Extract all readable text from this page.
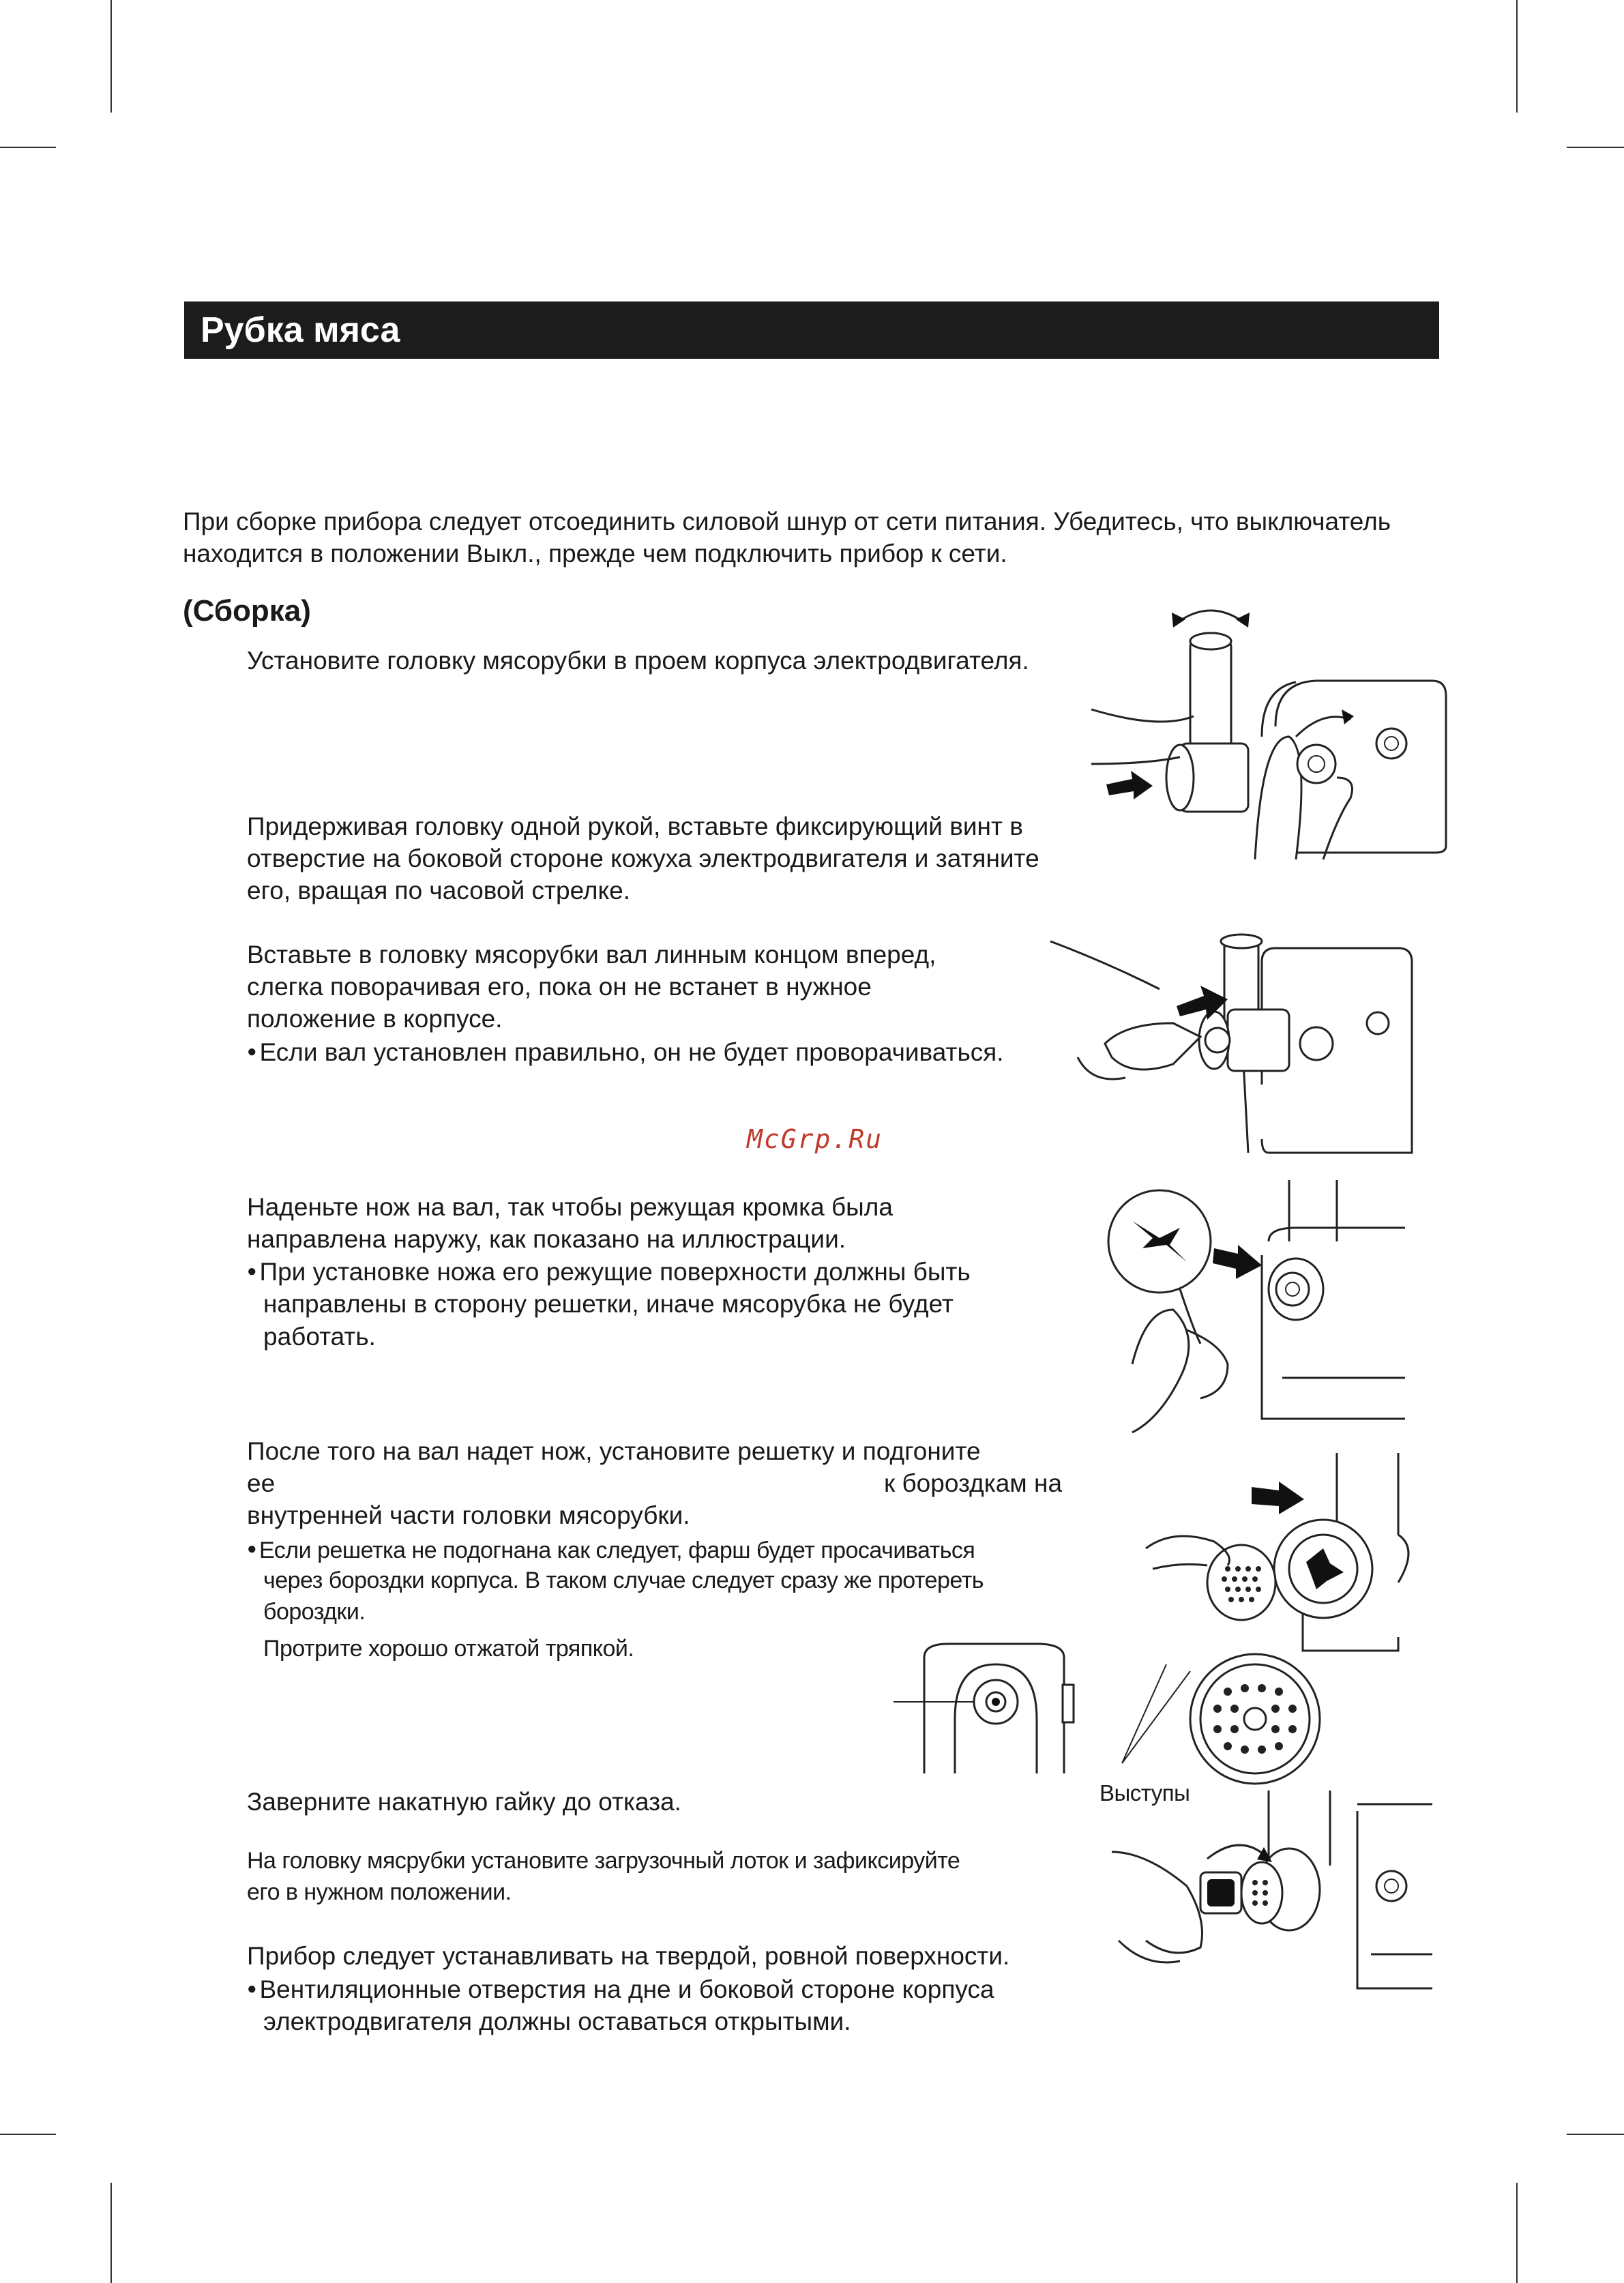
Рубка мяса
При сборке прибора следует отсоединить силовой шнур от сети питания. Убедитесь, что выключатель
находится в положении Выкл., прежде чем подключить прибор к сети.
(Сборка)
Установите головку мясорубки в проем корпуса электродвигателя.
Придерживая головку одной рукой, вставьте фиксирующий винт в
отверстие на боковой стороне кожуха электродвигателя и затяните
его, вращая по часовой стрелке.
Вставьте в головку мясорубки вал линным концом вперед,
слегка поворачивая его, пока он не встанет в нужное
положение в корпусе.
● Если вал установлен правильно, он не будет проворачиваться.
McGrp.Ru
Наденьте нож на вал, так чтобы режущая кромка была
направлена наружу, как показано на иллюстрации.
● При установке ножа его режущие поверхности должны быть
направлены в сторону решетки, иначе мясорубка не будет
работать.
После того на вал надет нож, установите решетку и подгоните
ее	к бороздкам на
внутренней части головки мясорубки.
● Если решетка не подогнана как следует, фарш будет просачиваться
через бороздки корпуса. В таком случае следует сразу же протереть
бороздки.
Протрите хорошо отжатой тряпкой.
Заверните накатную гайку до отказа.
На головку мясрубки установите загрузочный лоток и зафиксируйте
его в нужном положении.
Прибор следует устанавливать на твердой, ровной поверхности.
● Вентиляционные отверстия на дне и боковой стороне корпуса
электродвигателя должны оставаться открытыми.
Выступы
